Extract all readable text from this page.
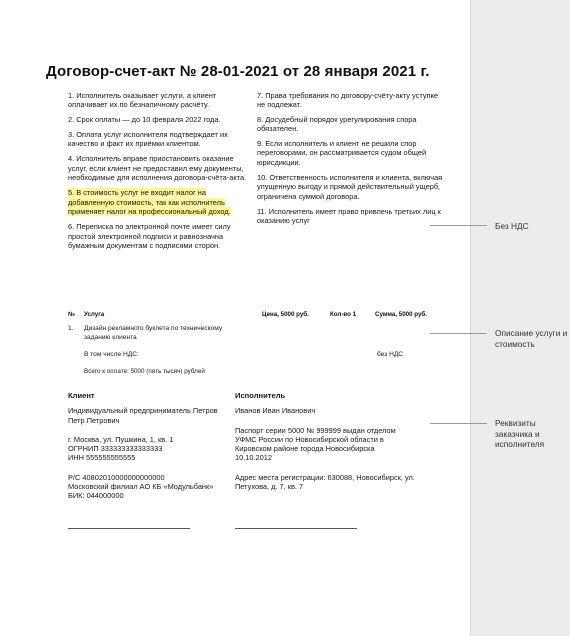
Договор-счет-акт № 28-01-2021 от 28 января 2021 г.

1. Исполнитель оказывает услуги, а клиент оплачивает их по безналичному расчёту.

2. Срок оплаты — до 10 февраля 2022 года.

3. Оплата услуг исполнителя подтверждает их качество и факт их приёмки клиентом.

4. Исполнитель вправе приостановить оказание услуг, если клиент не предоставил ему документы, необходимые для исполнения договора-счёта-акта.

5. В стоимость услуг не входит налог на добавленную стоимость, так как исполнитель применяет налог на профессиональный доход.

6. Переписка по электронной почте имеет силу простой электронной подписи и равнозначна бумажным документам с подписями сторон.

7. Права требования по договору-счёту-акту уступке не подлежат.

8. Досудебный порядок урегулирования спора обязателен.

9. Если исполнитель и клиент не решили спор переговорами, он рассматривается судом общей юрисдикции.

10. Ответственность исполнителя и клиента, включая упущенную выгоду и прямой действительный ущерб, ограничена суммой договора.

11. Исполнитель имеет право привлечь третьих лиц к оказанию услуг

№ Услуга	Цена, 5000 руб.	Кол-во 1	Сумма, 5000 руб.
1. Дизайн рекламного буклета по техническому заданию клиента
В том числе НДС:	без НДС
Всего к оплате: 5000 (пять тысяч) рублей
Клиент
Индивидуальный предприниматель Петров Петр Петрович
г. Москва, ул. Пушкина, 1, кв. 1
ОГРНИП 333333333333333
ИНН 555555555555
Р/С 40802010000000000000
Московский филиал АО КБ «Модульбанк»
БИК: 044000000
Исполнитель
Иванов Иван Иванович
Паспорт серии 5000 № 999999 выдан отделом УФМС России по Новосибирской области в Кировском районе города Новосибирска 10.10.2012
Адрес места регистрации: 630088, Новосибирск, ул. Петухова, д. 7, кв. 7
Без НДС
Описание услуги и стоимость
Реквизиты заказчика и исполнителя
